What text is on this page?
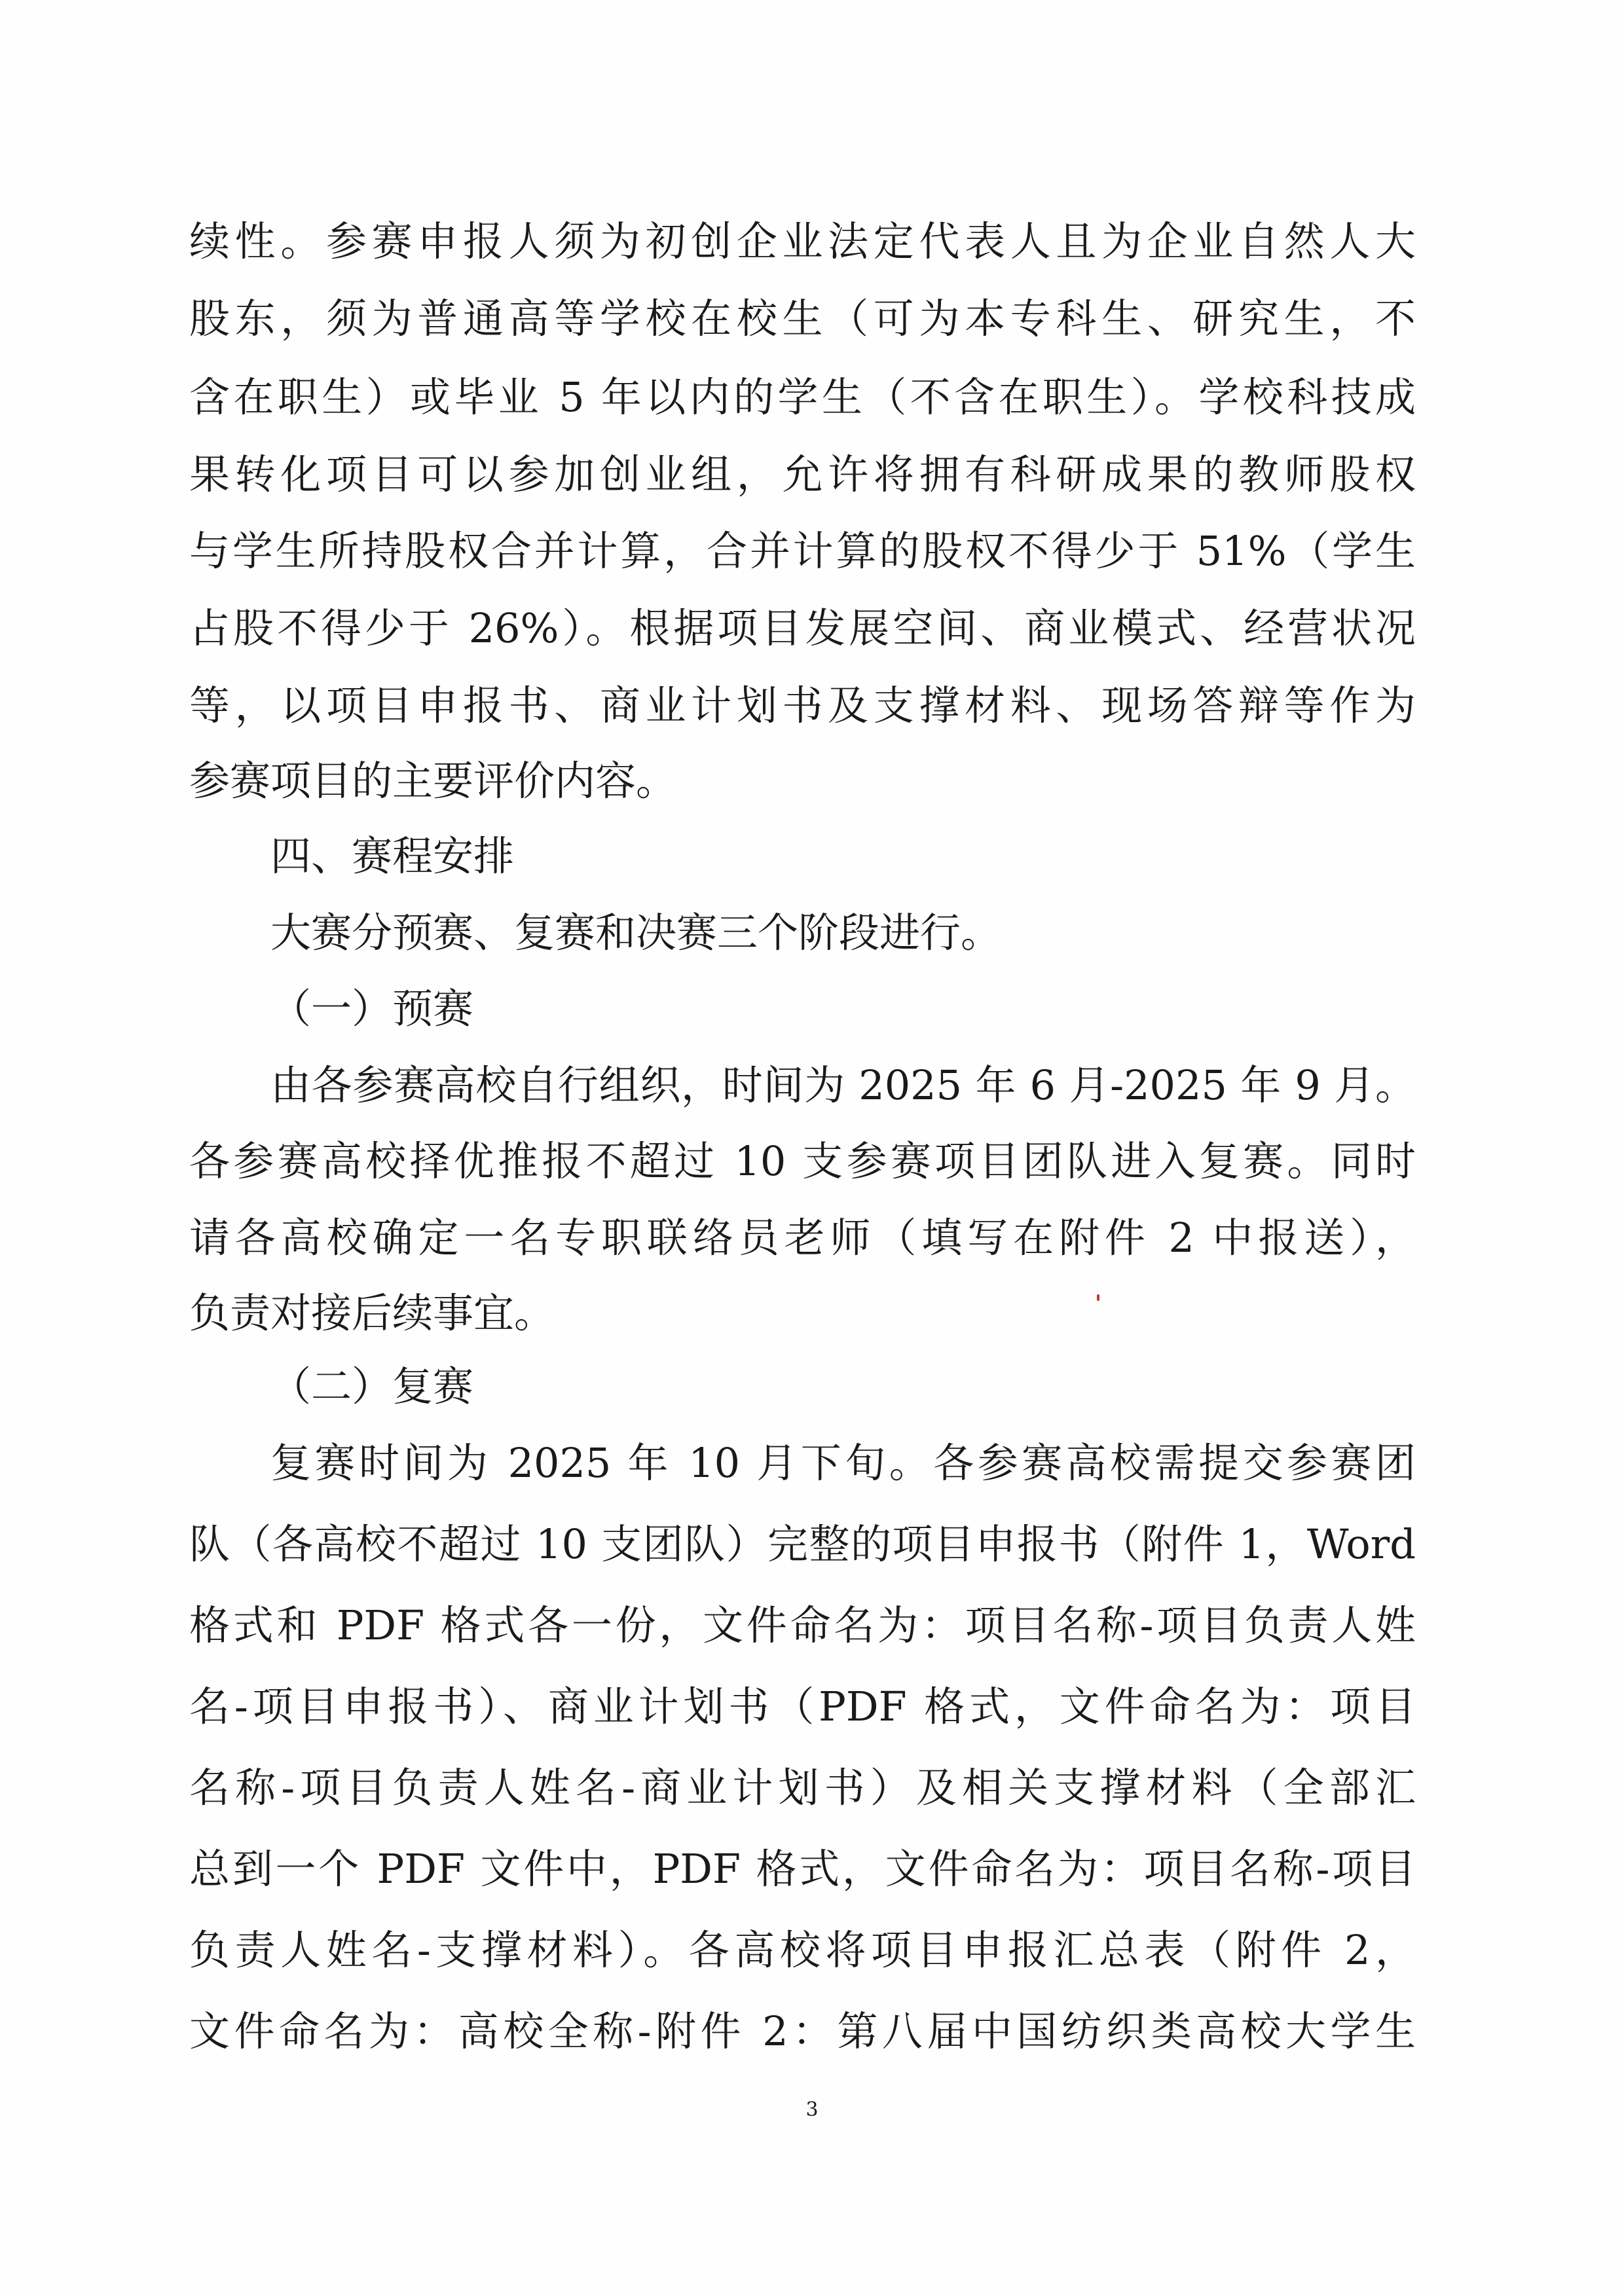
续性。参赛申报人须为初创企业法定代表人且为企业自然人大
股东，须为普通高等学校在校生（可为本专科生、研究生，不
含在职生）或毕业 5 年以内的学生（不含在职生）。学校科技成
果转化项目可以参加创业组，允许将拥有科研成果的教师股权
与学生所持股权合并计算，合并计算的股权不得少于 51%（学生
占股不得少于 26%）。根据项目发展空间、商业模式、经营状况
等，以项目申报书、商业计划书及支撑材料、现场答辩等作为
参赛项目的主要评价内容。
四、赛程安排
大赛分预赛、复赛和决赛三个阶段进行。
（一）预赛
由各参赛高校自行组织，时间为 2025 年 6 月-2025 年 9 月。
各参赛高校择优推报不超过 10 支参赛项目团队进入复赛。同时
请各高校确定一名专职联络员老师（填写在附件 2 中报送），
负责对接后续事宜。
（二）复赛
复赛时间为 2025 年 10 月下旬。各参赛高校需提交参赛团
队（各高校不超过 10 支团队）完整的项目申报书（附件 1，Word
格式和 PDF 格式各一份，文件命名为：项目名称-项目负责人姓
名-项目申报书）、商业计划书（PDF 格式，文件命名为：项目
名称-项目负责人姓名-商业计划书）及相关支撑材料（全部汇
总到一个 PDF 文件中，PDF 格式，文件命名为：项目名称-项目
负责人姓名-支撑材料）。各高校将项目申报汇总表（附件 2，
文件命名为：高校全称-附件 2：第八届中国纺织类高校大学生
3
